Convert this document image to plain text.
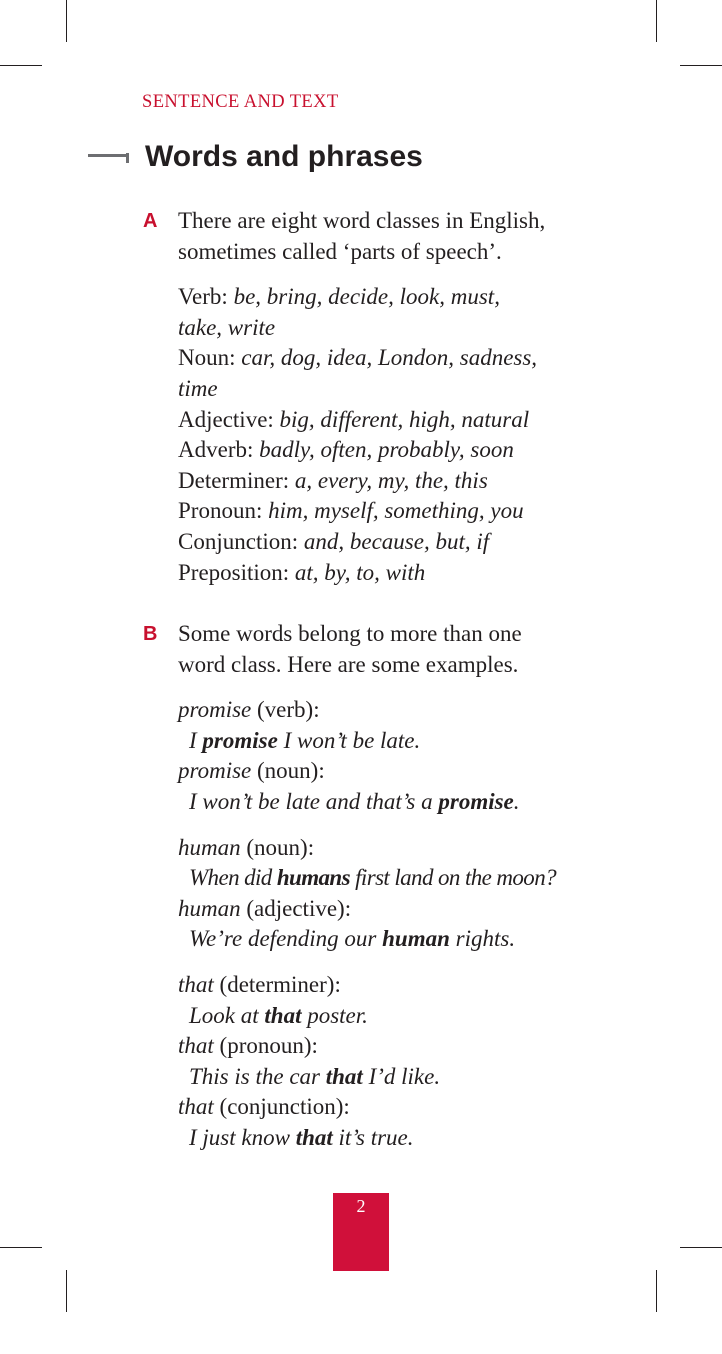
SENTENCE AND TEXT

Words and phrases
A There are eight word classes in English,
sometimes called ‘parts of speech’.
Verb: be, bring, decide, look, must,
take, write
Noun: car, dog, idea, London, sadness,
time
Adjective: big, different, high, natural
Adverb: badly, often, probably, soon
Determiner: a, every, my, the, this
Pronoun: him, myself, something, you
Conjunction: and, because, but, if
Preposition: at, by, to, with
B Some words belong to more than one
word class. Here are some examples.
promise (verb):
I promise I won’t be late.
promise (noun):
I won’t be late and that’s a promise.
human (noun):
When did humans first land on the moon?
human (adjective):
We’re defending our human rights.
that (determiner):
Look at that poster.
that (pronoun):
This is the car that I’d like.
that (conjunction):
I just know that it’s true.
2
